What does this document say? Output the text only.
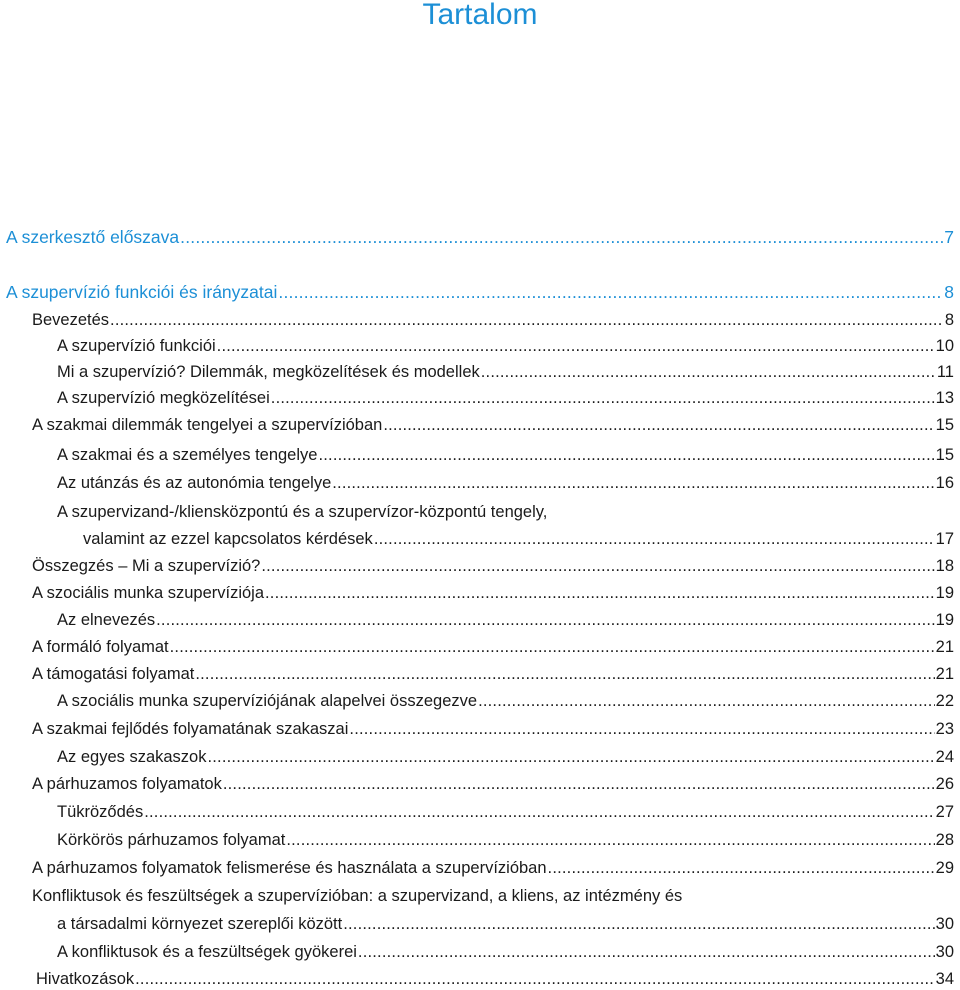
Tartalom
A szerkesztő előszava .....	7
A szupervízió funkciói és irányzatai .....	8
Bevezetés .....	8
A szupervízió funkciói .....	10
Mi a szupervízió? Dilemmák, megközelítések és modellek .....	11
A szupervízió megközelítései .....	13
A szakmai dilemmák tengelyei a szupervízióban .....	15
A szakmai és a személyes tengelye .....	15
Az utánzás és az autonómia tengelye .....	16
A szupervizand-/kliensközpontú és a szupervízor-központú tengely,
valamint az ezzel kapcsolatos kérdések .....	17
Összegzés – Mi a szupervízió? .....	18
A szociális munka szupervíziója .....	19
Az elnevezés .....	19
A formáló folyamat .....	21
A támogatási folyamat .....	21
A szociális munka szupervíziójának alapelvei összegezve .....	22
A szakmai fejlődés folyamatának szakaszai .....	23
Az egyes szakaszok .....	24
A párhuzamos folyamatok .....	26
Tükröződés .....	27
Körkörös párhuzamos folyamat .....	28
A párhuzamos folyamatok felismerése és használata a szupervízióban .....	29
Konfliktusok és feszültségek a szupervízióban: a szupervizand, a kliens, az intézmény és
a társadalmi környezet szereplői között .....	30
A konfliktusok és a feszültségek gyökerei .....	30
Hivatkozások .....	34
